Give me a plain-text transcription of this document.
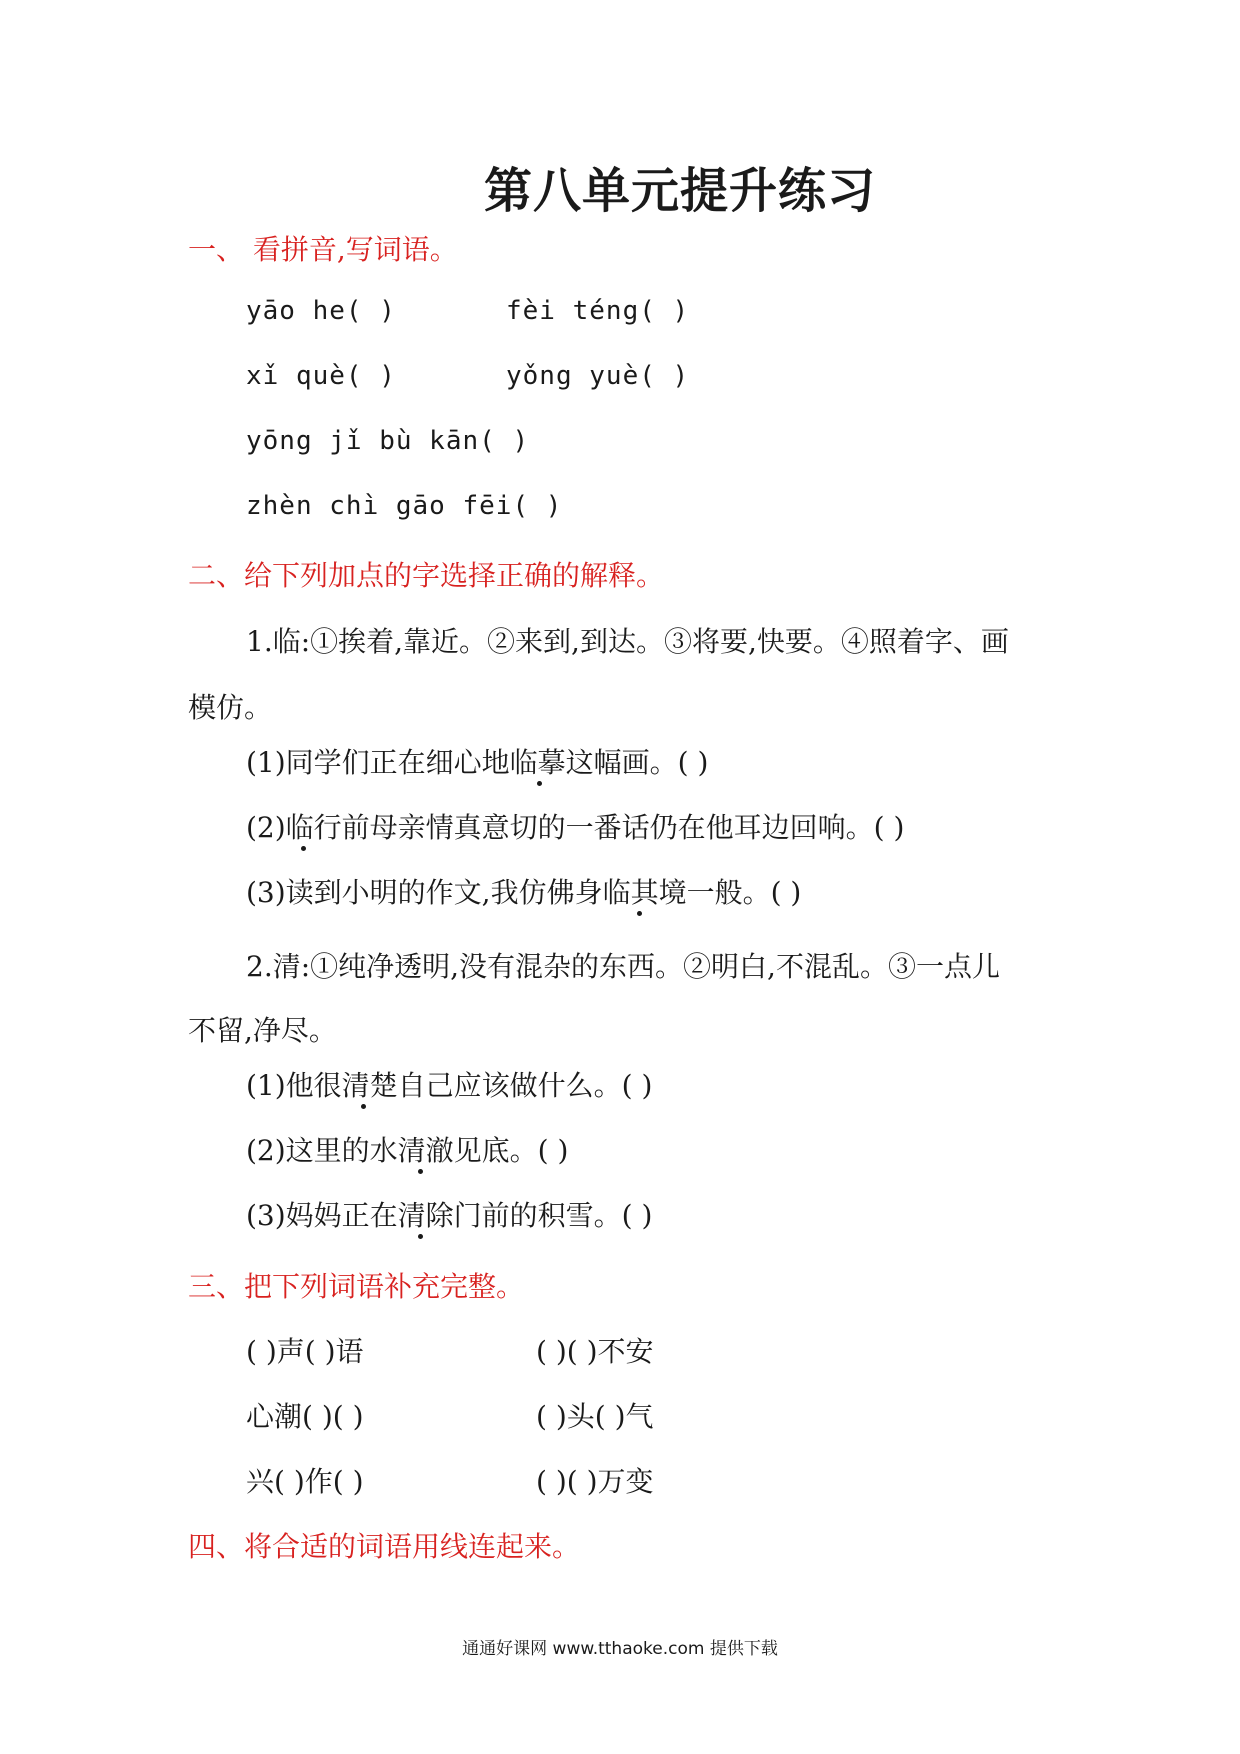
第八单元提升练习
一、 看拼音,写词语。
yāo he( )	fèi téng( )
xǐ què( )	yǒng yuè( )
yōng jǐ bù kān( )
zhèn chì gāo fēi( )
二、给下列加点的字选择正确的解释。
1.临:①挨着,靠近。②来到,到达。③将要,快要。④照着字、画
模仿。
(1)同学们正在细心地临摹这幅画。( )
(2)临行前母亲情真意切的一番话仍在他耳边回响。( )
(3)读到小明的作文,我仿佛身临其境一般。( )
2.清:①纯净透明,没有混杂的东西。②明白,不混乱。③一点儿
不留,净尽。
(1)他很清楚自己应该做什么。( )
(2)这里的水清澈见底。( )
(3)妈妈正在清除门前的积雪。( )
三、把下列词语补充完整。
( )声( )语	( )( )不安
心潮( )( )	( )头( )气
兴( )作( )	( )( )万变
四、将合适的词语用线连起来。
通通好课网 www.tthaoke.com 提供下载
